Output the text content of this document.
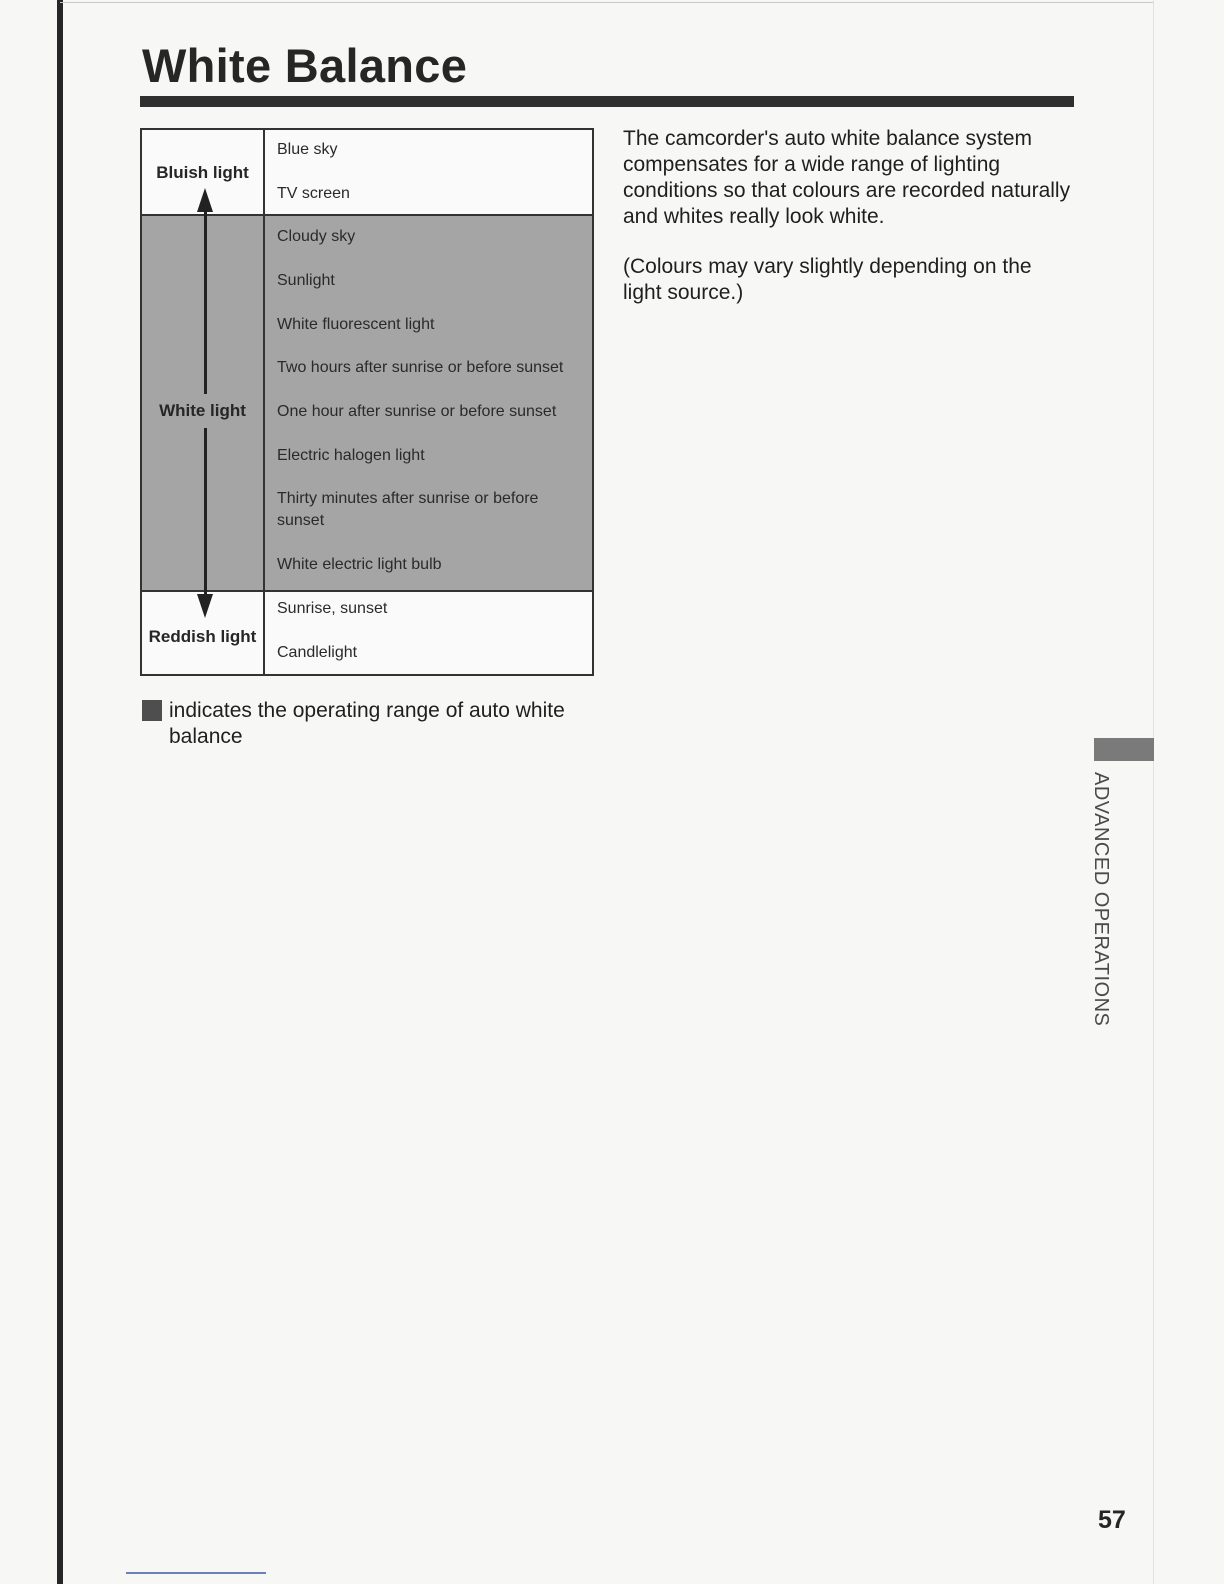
White Balance

Bluish light

White light

Reddish light

Blue sky
TV screen
Cloudy sky
Sunlight
White fluorescent light
Two hours after sunrise or before sunset
One hour after sunrise or before sunset
Electric halogen light
Thirty minutes after sunrise or before sunset
White electric light bulb
Sunrise, sunset
Candlelight

indicates the operating range of auto white balance

The camcorder's auto white balance system compensates for a wide range of lighting conditions so that colours are recorded naturally and whites really look white.

(Colours may vary slightly depending on the light source.)

ADVANCED OPERATIONS

57
